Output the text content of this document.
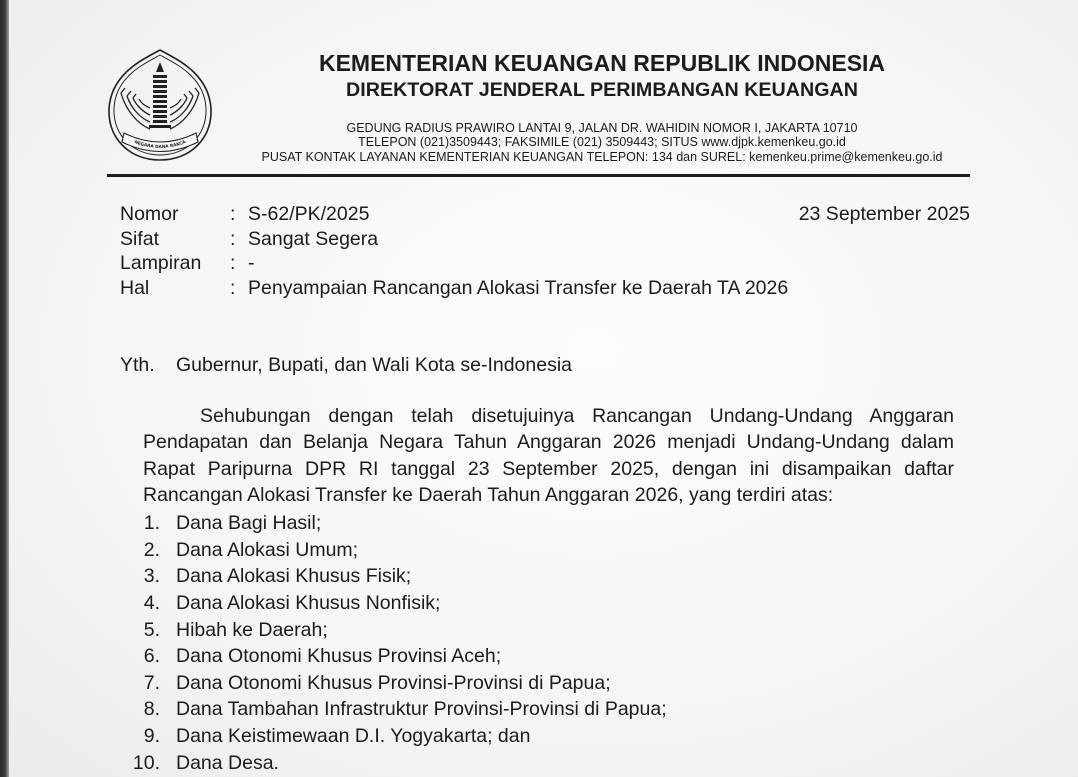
NEGARA DANA RAKCA
KEMENTERIAN KEUANGAN REPUBLIK INDONESIA
DIREKTORAT JENDERAL PERIMBANGAN KEUANGAN
GEDUNG RADIUS PRAWIRO LANTAI 9, JALAN DR. WAHIDIN NOMOR I, JAKARTA 10710
TELEPON (021)3509443; FAKSIMILE (021) 3509443; SITUS www.djpk.kemenkeu.go.id
PUSAT KONTAK LAYANAN KEMENTERIAN KEUANGAN TELEPON: 134 dan SUREL: kemenkeu.prime@kemenkeu.go.id
23 September 2025
Nomor	: S-62/PK/2025
Sifat	: Sangat Segera
Lampiran : -
Hal	: Penyampaian Rancangan Alokasi Transfer ke Daerah TA 2026
Yth. Gubernur, Bupati, dan Wali Kota se-Indonesia
Sehubungan dengan telah disetujuinya Rancangan Undang-Undang Anggaran
Pendapatan dan Belanja Negara Tahun Anggaran 2026 menjadi Undang-Undang dalam
Rapat Paripurna DPR RI tanggal 23 September 2025, dengan ini disampaikan daftar
Rancangan Alokasi Transfer ke Daerah Tahun Anggaran 2026, yang terdiri atas:
1. Dana Bagi Hasil;
2. Dana Alokasi Umum;
3. Dana Alokasi Khusus Fisik;
4. Dana Alokasi Khusus Nonfisik;
5. Hibah ke Daerah;
6. Dana Otonomi Khusus Provinsi Aceh;
7. Dana Otonomi Khusus Provinsi-Provinsi di Papua;
8. Dana Tambahan Infrastruktur Provinsi-Provinsi di Papua;
9. Dana Keistimewaan D.I. Yogyakarta; dan
10. Dana Desa.
